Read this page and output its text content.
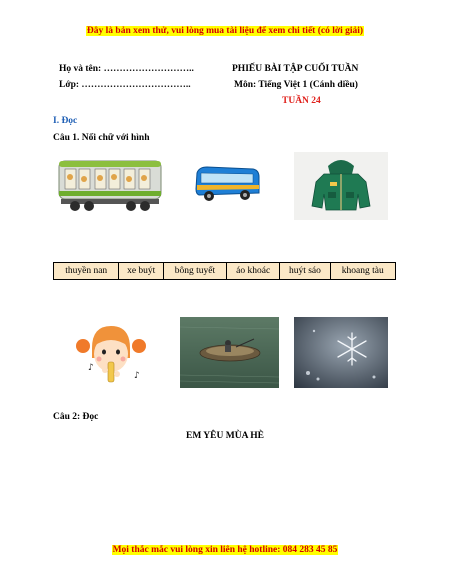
Đây là bản xem thử, vui lòng mua tài liệu để xem chi tiết (có lời giải)
Họ và tên: ………………………..
Lớp: ……………………………..
PHIẾU BÀI TẬP CUỐI TUẦN
Môn: Tiếng Việt 1 (Cánh diều)
TUẦN 24
I. Đọc
Câu 1. Nối chữ với hình
thuyền nan	xe buýt	bông tuyết	áo khoác	huýt sáo	khoang tàu
♪
♪
Câu 2: Đọc
EM YÊU MÙA HÈ
Mọi thắc mắc vui lòng xin liên hệ hotline: 084 283 45 85
